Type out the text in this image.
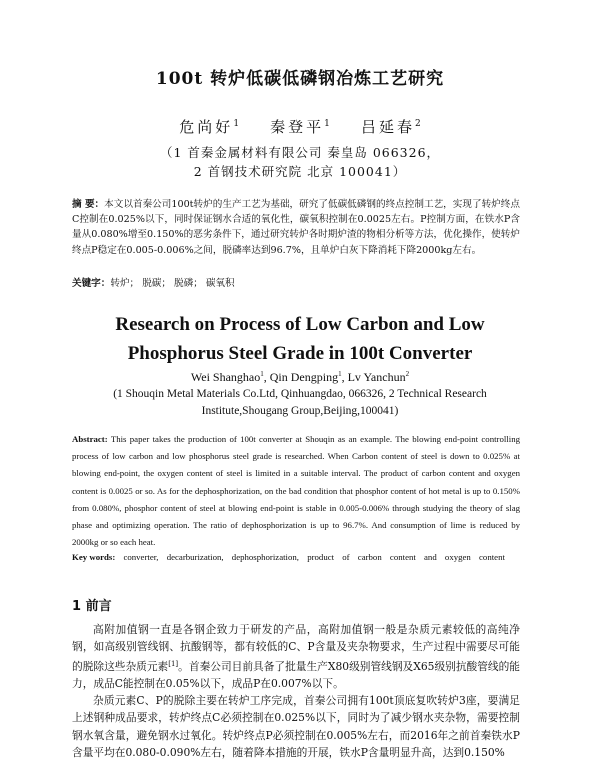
100t 转炉低碳低磷钢冶炼工艺研究
危尚好$^1$ 秦登平$^1$ 吕延春$^2$
（1 首秦金属材料有限公司 秦皇岛 066326，
2 首钢技术研究院 北京 100041）
摘 要：本文以首秦公司100t转炉的生产工艺为基础，研究了低碳低磷钢的终点控制工艺，实现了转炉终点C控制在0.025%以下，同时保证钢水合适的氧化性，碳氧积控制在0.0025左右。P控制方面，在铁水P含量从0.080%增至0.150%的恶劣条件下，通过研究转炉各时期炉渣的物相分析等方法，优化操作，使转炉终点P稳定在0.005-0.006%之间，脱磷率达到96.7%，且单炉白灰下降消耗下降2000kg左右。
关键字：转炉； 脱碳； 脱磷； 碳氧积
Research on Process of Low Carbon and Low
Phosphorus Steel Grade in 100t Converter
Wei Shanghao$^1$, Qin Dengping$^1$, Lv Yanchun$^2$
(1 Shouqin Metal Materials Co.Ltd, Qinhuangdao, 066326, 2 Technical Research
Institute,Shougang Group,Beijing,100041)
Abstract: This paper takes the production of 100t converter at Shouqin as an example. The blowing end-point controlling process of low carbon and low phosphorus steel grade is researched. When Carbon content of steel is down to 0.025% at blowing end-point, the oxygen content of steel is limited in a suitable interval. The product of carbon content and oxygen content is 0.0025 or so. As for the dephosphorization, on the bad condition that phosphor content of hot metal is up to 0.150% from 0.080%, phosphor content of steel at blowing end-point is stable in 0.005-0.006% through studying the theory of slag phase and optimizing operation. The ratio of dephosphorization is up to 96.7%. And consumption of lime is reduced by 2000kg or so each heat.
Key words: converter, decarburization, dephosphorization, product of carbon content and oxygen content
1 前言

高附加值钢一直是各钢企致力于研发的产品，高附加值钢一般是杂质元素较低的高纯净钢，如高级别管线钢、抗酸钢等，都有较低的C、P含量及夹杂物要求，生产过程中需要尽可能的脱除这些杂质元素[1]。首秦公司目前具备了批量生产X80级别管线钢及X65级别抗酸管线的能力，成品C能控制在0.05%以下，成品P在0.007%以下。

杂质元素C、P的脱除主要在转炉工序完成，首秦公司拥有100t顶底复吹转炉3座，要满足上述钢种成品要求，转炉终点C必须控制在0.025%以下，同时为了减少钢水夹杂物，需要控制钢水氧含量，避免钢水过氧化。转炉终点P必须控制在0.005%左右，而2016年之前首秦铁水P含量平均在0.080-0.090%左右，随着降本措施的开展，铁水P含量明显升高，达到0.150%
